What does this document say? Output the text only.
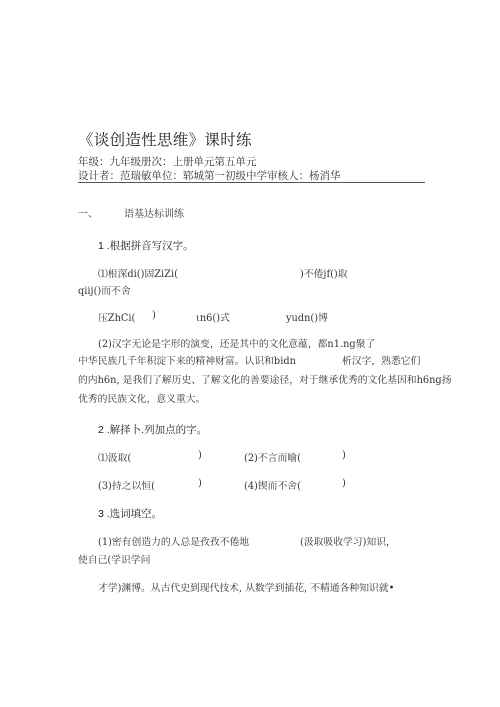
《谈创造性思维》课时练
年级：九年级册次：上册单元第五单元
设计者：范瑞敏单位：郓城第一初级中学审核人：杨消华
一、	语基达标训练
1 .根据拼音写汉字。
⑴根深di()固ZiZi(	)不倦jf()取
qiij()而不舍
压ZhCi( )	ιn6()式	yudn()博
(2)汉字无论是字形的演变，还是其中的文化意蕴，都n1.ng聚了
中华民族几千年积淀下来的精神财富。认识和bidn	析汉字，熟悉它们
的内h6n, 是我们了解历史、了解文化的善要途径，对于继承优秀的文化基因和h6ng扬
优秀的民族文化，意义重大。
2 .解择卜.列加点的字。
⑴汲取(	)	(2)不言而喻(	)
(3)持之以恒(	)	(4)锲而不舍(	)
3 .选词填空。
(1)密有创造力的人总是孜孜不倦地	(汲取吸收学习)知识，
使自己(学识学问
才学)渊博。从古代史到现代技术, 从数学到插花, 不精通各种知识就•
